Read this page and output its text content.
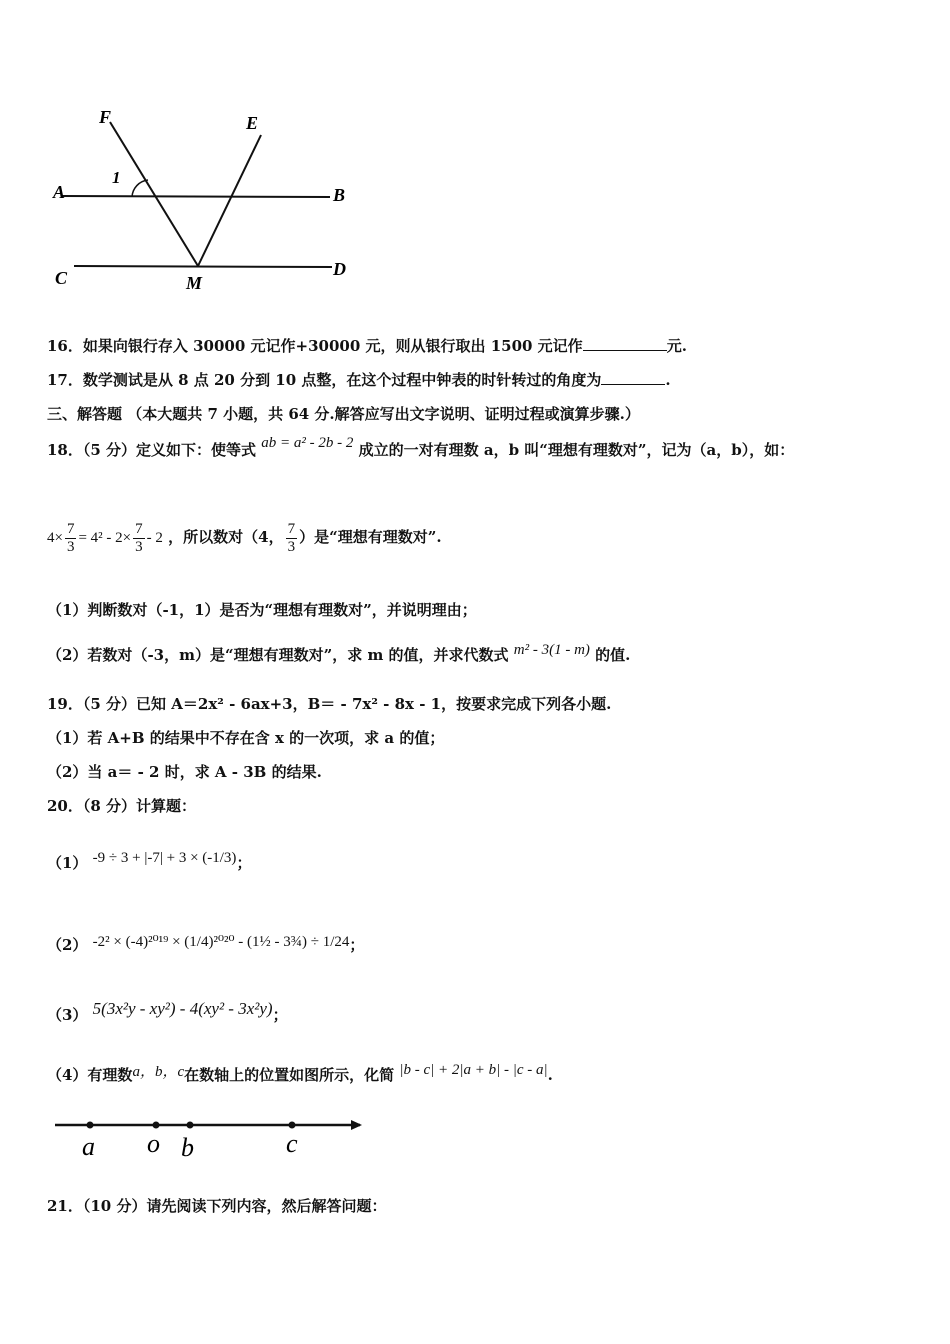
F	E
1
A	B
C	M
D
16．如果向银行存入 30000 元记作+30000 元，则从银行取出 1500 元记作	元.
17．数学测试是从 8 点 20 分到 10 点整，在这个过程中钟表的时针转过的角度为	.
三、解答题 （本大题共 7 小题，共 64 分.解答应写出文字说明、证明过程或演算步骤.）
18．（5 分）定义如下：使等式 ab = a² - 2b - 2 成立的一对有理数 a，b 叫“理想有理数对”，记为（a，b），如：
$4\times \frac{7}{3} = 4^2 - 2\times \frac{7}{3} - 2$ ，所以数对（4， $\frac{7}{3}$ ）是“理想有理数对”.
（1）判断数对（-1，1）是否为“理想有理数对”，并说明理由；
（2）若数对（-3，m）是“理想有理数对”，求 m 的值，并求代数式 m² - 3(1 - m) 的值.
19．（5 分）已知 A＝2x² - 6ax+3，B＝ - 7x² - 8x - 1，按要求完成下列各小题.
（1）若 A+B 的结果中不存在含 x 的一次项，求 a 的值；
（2）当 a＝ - 2 时，求 A - 3B 的结果.
20．（8 分）计算题：
（1） -9 ÷ 3 + |-7| + 3 × (-1/3)；
（2） -2² × (-4)²⁰¹⁹ × (1/4)²⁰²⁰ - (1½ - 3¾) ÷ 1/24；
（3） 5(3x²y - xy²) - 4(xy² - 3x²y)；
（4）有理数a，b，c在数轴上的位置如图所示，化简 |b - c| + 2|a + b| - |c - a|.
a o b	c
21．（10 分）请先阅读下列内容，然后解答问题：
